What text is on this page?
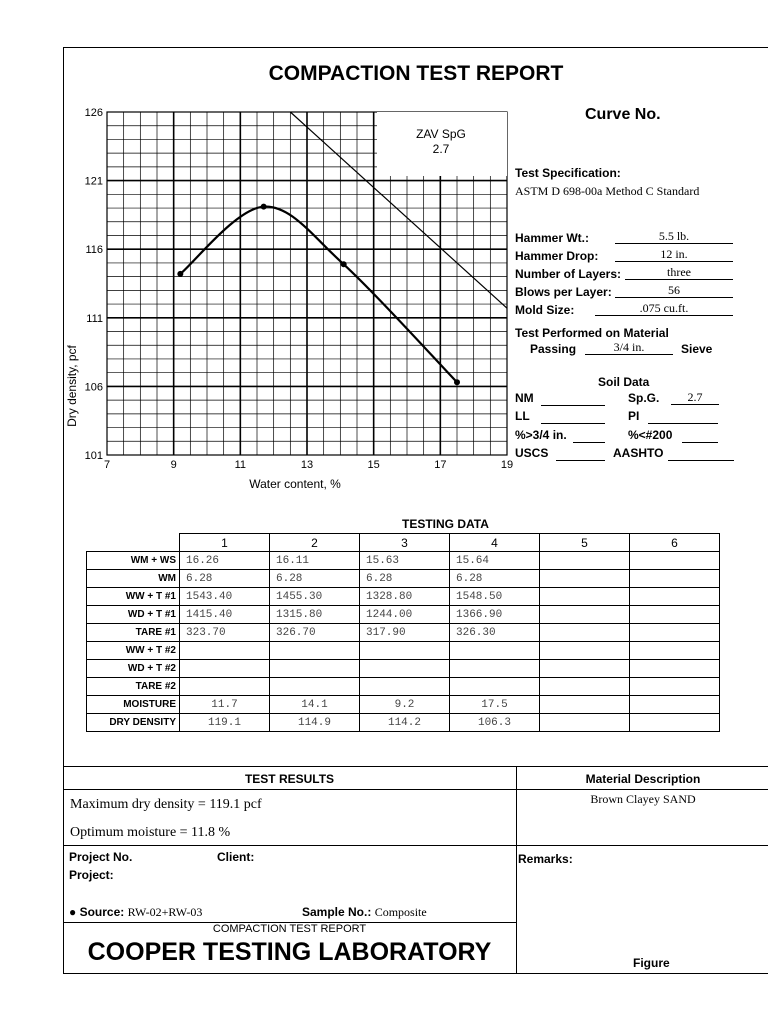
COMPACTION TEST REPORT
Curve No.
7	9	11	13	15	17	19
101
106
111
116
121
126
ZAV SpG
2.7
Water content, %
Dry density, pcf
Test Specification:
ASTM D 698-00a Method C Standard
Hammer Wt.:	5.5 lb.
Hammer Drop:	12 in.
Number of Layers:	three
Blows per Layer:	56
Mold Size:	.075 cu.ft.
Test Performed on Material
Passing	3/4 in.	Sieve
Soil Data
NM	Sp.G.	2.7
LL	PI
%>3/4 in.	%<#200
USCS	AASHTO
TESTING DATA
	1	2	3	4	5	6
WM + WS	16.26	16.11	15.63	15.64		
WM	6.28	6.28	6.28	6.28		
WW + T #1	1543.40	1455.30	1328.80	1548.50		
WD + T #1	1415.40	1315.80	1244.00	1366.90		
TARE #1	323.70	326.70	317.90	326.30		
WW + T #2						
WD + T #2						
TARE #2						
MOISTURE	11.7	14.1	9.2	17.5		
DRY DENSITY	119.1	114.9	114.2	106.3		
TEST RESULTS
Maximum dry density = 119.1 pcf
Optimum moisture = 11.8 %
Material Description
Brown Clayey SAND
Project No.	Client:
Project:
● Source: RW-02+RW-03	Sample No.: Composite
COMPACTION TEST REPORT
COOPER TESTING LABORATORY
Remarks:
Figure
